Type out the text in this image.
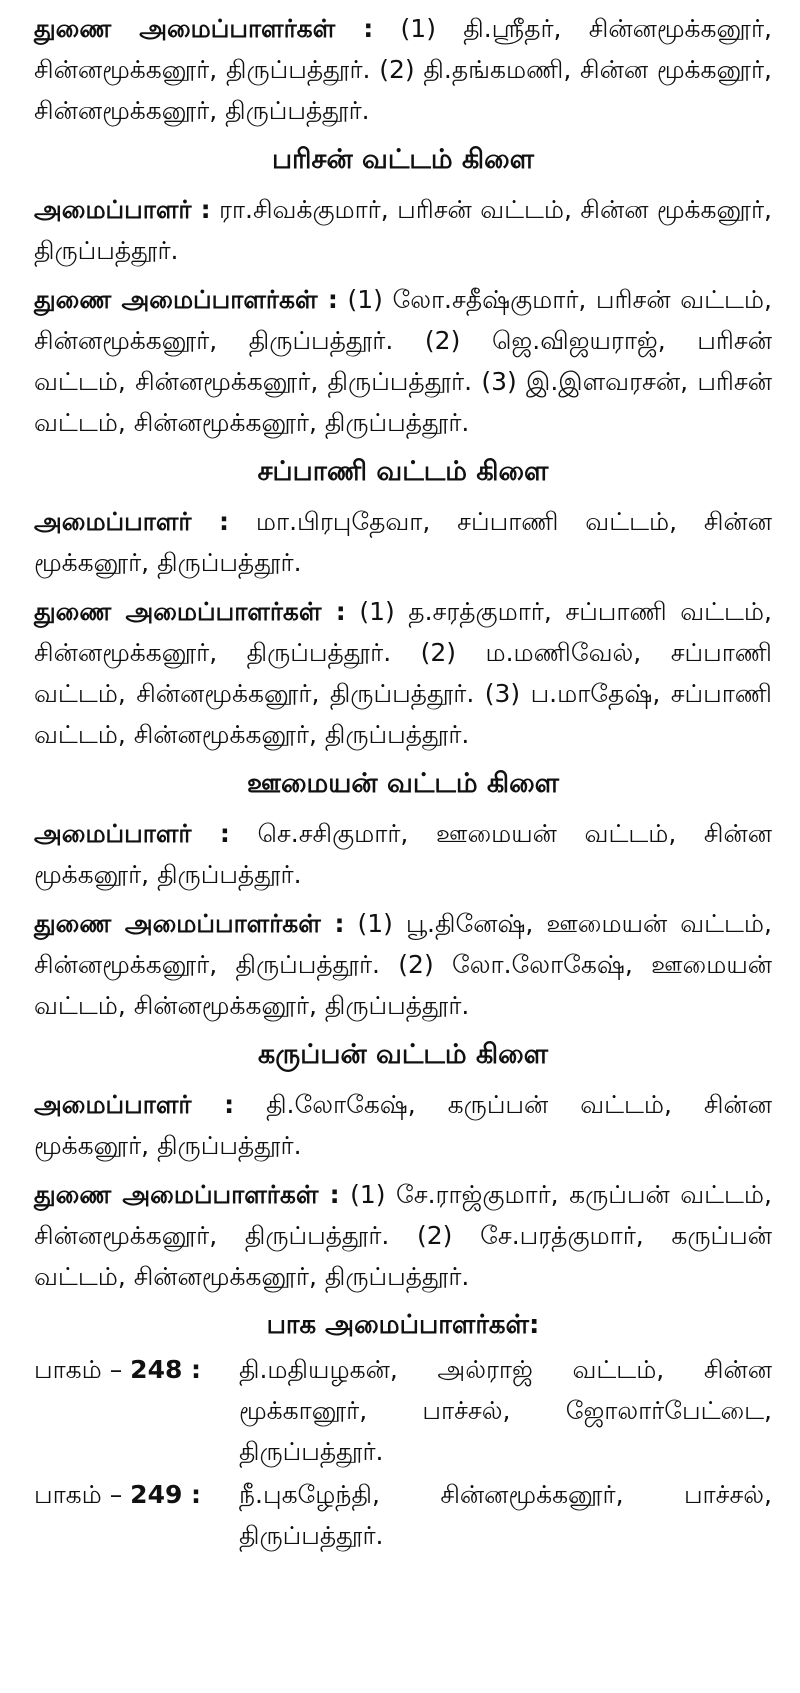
துணை அமைப்பாளர்கள் : (1) தி.ஸ்ரீதர், சின்னமூக்கனூர், சின்னமூக்கனூர், திருப்பத்தூர். (2) தி.தங்கமணி, சின்ன மூக்கனூர், சின்னமூக்கனூர், திருப்பத்தூர்.

பரிசன் வட்டம் கிளை

அமைப்பாளர் : ரா.சிவக்குமார், பரிசன் வட்டம், சின்ன மூக்கனூர், திருப்பத்தூர்.

துணை அமைப்பாளர்கள் : (1) லோ.சதீஷ்குமார், பரிசன் வட்டம், சின்னமூக்கனூர், திருப்பத்தூர். (2) ஜெ.விஜயராஜ், பரிசன் வட்டம், சின்னமூக்கனூர், திருப்பத்தூர். (3) இ.இளவரசன், பரிசன் வட்டம், சின்னமூக்கனூர், திருப்பத்தூர்.

சப்பாணி வட்டம் கிளை

அமைப்பாளர் : மா.பிரபுதேவா, சப்பாணி வட்டம், சின்ன மூக்கனூர், திருப்பத்தூர்.

துணை அமைப்பாளர்கள் : (1) த.சரத்குமார், சப்பாணி வட்டம், சின்னமூக்கனூர், திருப்பத்தூர். (2) ம.மணிவேல், சப்பாணி வட்டம், சின்னமூக்கனூர், திருப்பத்தூர். (3) ப.மாதேஷ், சப்பாணி வட்டம், சின்னமூக்கனூர், திருப்பத்தூர்.

ஊமையன் வட்டம் கிளை

அமைப்பாளர் : செ.சசிகுமார், ஊமையன் வட்டம், சின்ன மூக்கனூர், திருப்பத்தூர்.

துணை அமைப்பாளர்கள் : (1) பூ.தினேஷ், ஊமையன் வட்டம், சின்னமூக்கனூர், திருப்பத்தூர். (2) லோ.லோகேஷ், ஊமையன் வட்டம், சின்னமூக்கனூர், திருப்பத்தூர்.

கருப்பன் வட்டம் கிளை

அமைப்பாளர் : தி.லோகேஷ், கருப்பன் வட்டம், சின்ன மூக்கனூர், திருப்பத்தூர்.

துணை அமைப்பாளர்கள் : (1) சே.ராஜ்குமார், கருப்பன் வட்டம், சின்னமூக்கனூர், திருப்பத்தூர். (2) சே.பரத்குமார், கருப்பன் வட்டம், சின்னமூக்கனூர், திருப்பத்தூர்.

பாக அமைப்பாளர்கள்:
பாகம் – 248 :	தி.மதியழகன், அல்ராஜ் வட்டம், சின்ன மூக்கானூர், பாச்சல், ஜோலார்பேட்டை, திருப்பத்தூர்.
பாகம் – 249 :	நீ.புகழேந்தி, சின்னமூக்கனூர், பாச்சல், திருப்பத்தூர்.
